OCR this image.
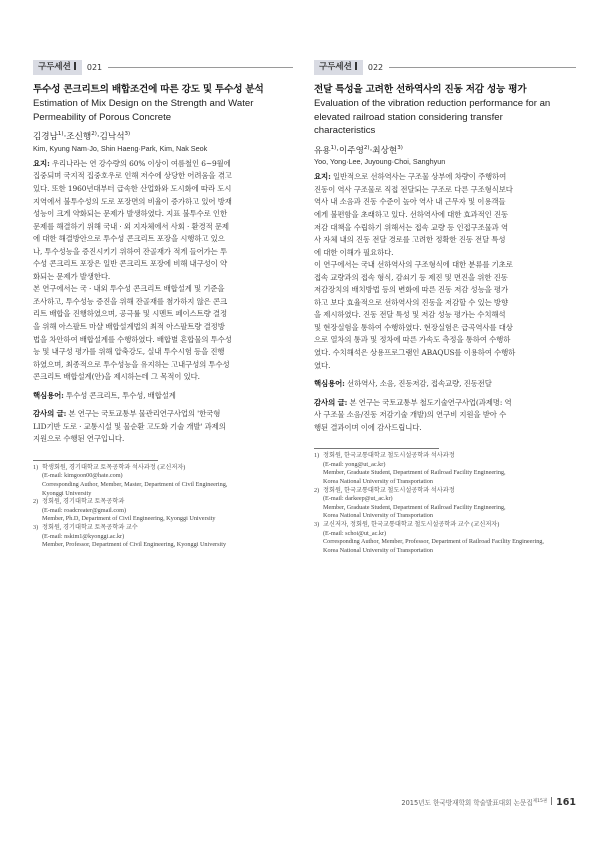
구두세션	021
투수성 콘크리트의 배합조건에 따른 강도 및 투수성 분석
Estimation of Mix Design on the Strength and Water
Permeability of Porous Concrete
김경남$^{1)}$·조신행$^{2)}$·김낙석$^{3)}$
Kim, Kyung Nam·Jo, Shin Haeng·Park, Kim, Nak Seok
요지: 우리나라는 연 강수량의 60% 이상이 여름철인 6~9월에
집중되며 국지적 집중호우로 인해 저수에 상당한 어려움을 겪고
있다. 또한 1960년대부터 급속한 산업화와 도시화에 따라 도시
지역에서 불투수성의 도로 포장면의 비율이 증가하고 있어 방재
성능이 크게 약화되는 문제가 발생하였다. 지표 불투수로 인한
문제를 해결하기 위해 국내 · 외 지자체에서 사회 · 환경적 문제
에 대한 해결방안으로 투수성 콘크리트 포장을 시행하고 있으
나, 투수성능을 증진시키기 위하여 잔골재가 적게 들어가는 투
수성 콘크리트 포장은 일반 콘크리트 포장에 비해 내구성이 약
화되는 문제가 발생한다.
본 연구에서는 국 · 내외 투수성 콘크리트 배합설계 및 기준을
조사하고, 투수성능 증진을 위해 잔골재를 첨가하지 않은 콘크
리트 배합을 진행하였으며, 공극률 및 시멘트 페이스트량 결정
을 위해 아스팔트 마샬 배합설계법의 최적 아스팔트량 결정방
법을 차안하여 배합설계를 수행하였다. 배합별 혼합물의 투수성
능 및 내구성 평가를 위해 압축강도, 실내 투수시험 등을 진행
하였으며, 최종적으로 투수성능을 유지하는 고내구성의 투수성
콘크리트 배합설계(안)을 제시하는데 그 목적이 있다.
핵심용어: 투수성 콘크리트, 투수성, 배합설계
감사의 글: 본 연구는 국토교통부 물관리연구사업의 '한국형
LID기반 도로 · 교통시설 및 물순환 고도화 기술 개발' 과제의
지원으로 수행된 연구입니다.
1) 학생회원, 경기대학교 토목공학과 석사과정 (교신저자)
(E-mail: kimgoon00@hate.com)
Corresponding Author, Member, Master, Department of Civil Engineering,
Kyonggi University
2) 정회원, 경기대학교 토목공학과
(E-mail: roadcreater@gmail.com)
Member, Ph.D, Department of Civil Engineering, Kyonggi University
3) 정회원, 경기대학교 토목공학과 교수
(E-mail: nskim1@kyonggi.ac.kr)
Member, Professor, Department of Civil Engineering, Kyonggi University
구두세션	022
전달 특성을 고려한 선하역사의 진동 저감 성능 평가
Evaluation of the vibration reduction performance for an
elevated railroad station considering transfer
characteristics
유용$^{1)}$·이주영$^{2)}$·최상현$^{3)}$
Yoo, Yong·Lee, Juyoung·Choi, Sanghyun
요지: 일반적으로 선하역사는 구조물 상부에 차량이 주행하여
진동이 역사 구조물로 직접 전달되는 구조로 다른 구조형식보다
역사 내 소음과 진동 수준이 높아 역사 내 근무자 및 이용객들
에게 불편함을 초래하고 있다. 선하역사에 대한 효과적인 진동
저감 대책을 수립하기 위해서는 접속 교량 등 인접구조물과 역
사 자체 내의 진동 전달 경로를 고려한 정확한 진동 전달 특성
에 대한 이해가 필요하다.
이 연구에서는 국내 선하역사의 구조형식에 대한 분류를 기초로
접속 교량과의 접속 형식, 감쇠기 등 제진 및 면진을 위한 진동
저감장치의 배치방법 등의 변화에 따른 진동 저감 성능을 평가
하고 보다 효율적으로 선하역사의 진동을 저감할 수 있는 방향
을 제시하였다. 진동 전달 특성 및 저감 성능 평가는 수치해석
및 현장실험을 통하여 수행하였다. 현장실험은 급곡역사를 대상
으로 열차의 통과 및 정차에 따른 가속도 측정을 통하여 수행하
였다. 수치해석은 상용프로그램인 ABAQUS를 이용하여 수행하
였다.
핵심용어: 선하역사, 소음, 진동저감, 접속교량, 진동전달
감사의 글: 본 연구는 국토교통부 철도기술연구사업(과제명: 역
사 구조물 소음/진동 저감기술 개발)의 연구비 지원을 받아 수
행된 결과이며 이에 감사드립니다.
1) 정회원, 한국교통대학교 철도시설공학과 석사과정
(E-mail: yong@ut_ac.kr)
Member, Graduate Student, Department of Railroad Facility Engineering,
Korea National University of Transportation
2) 정회원, 한국교통대학교 철도시설공학과 석사과정
(E-mail: darkeep@ut_ac.kr)
Member, Graduate Student, Department of Railroad Facility Engineering,
Korea National University of Transportation
3) 교신저자, 정회원, 한국교통대학교 철도시설공학과 교수 (교신저자)
(E-mail: schoi@ut_ac.kr)
Corresponding Author, Member, Professor, Department of Railroad Facility Engineering,
Korea National University of Transportation
2015년도 한국방재학회 학술발표대회 논문집$^{제15권}$ 161
